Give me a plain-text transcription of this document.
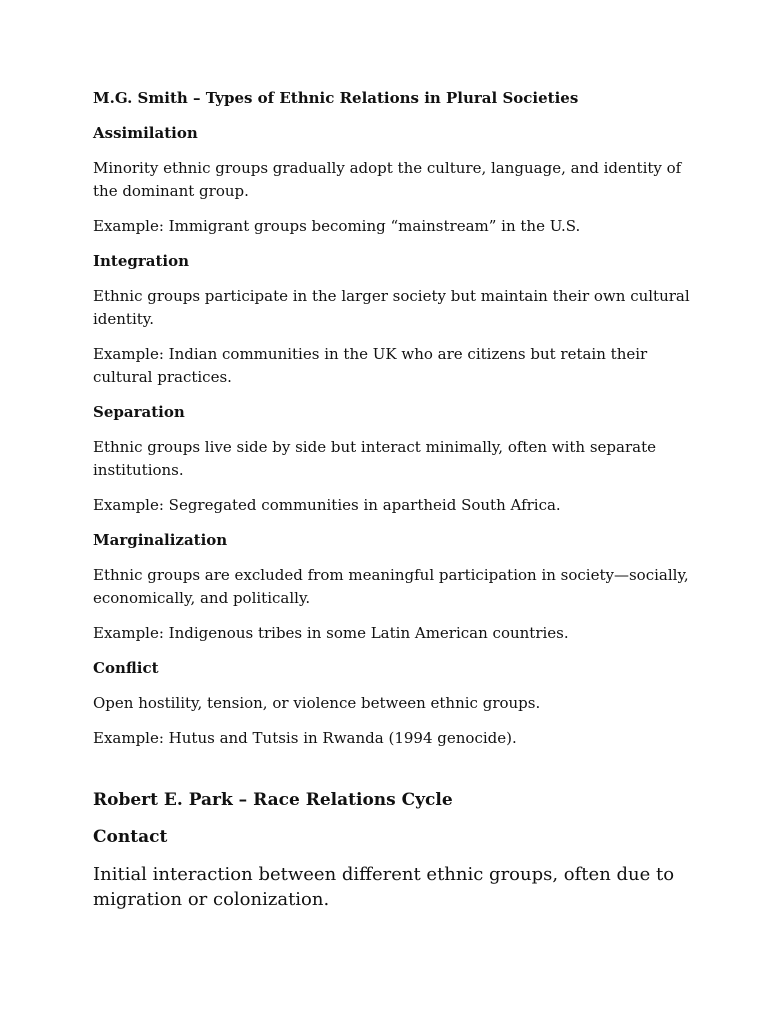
M.G. Smith – Types of Ethnic Relations in Plural Societies

Assimilation

Minority ethnic groups gradually adopt the culture, language, and identity of the dominant group.

Example: Immigrant groups becoming “mainstream” in the U.S.

Integration

Ethnic groups participate in the larger society but maintain their own cultural identity.

Example: Indian communities in the UK who are citizens but retain their cultural practices.

Separation

Ethnic groups live side by side but interact minimally, often with separate institutions.

Example: Segregated communities in apartheid South Africa.

Marginalization

Ethnic groups are excluded from meaningful participation in society—socially, economically, and politically.

Example: Indigenous tribes in some Latin American countries.

Conflict

Open hostility, tension, or violence between ethnic groups.

Example: Hutus and Tutsis in Rwanda (1994 genocide).

Robert E. Park – Race Relations Cycle

Contact

Initial interaction between different ethnic groups, often due to migration or colonization.
